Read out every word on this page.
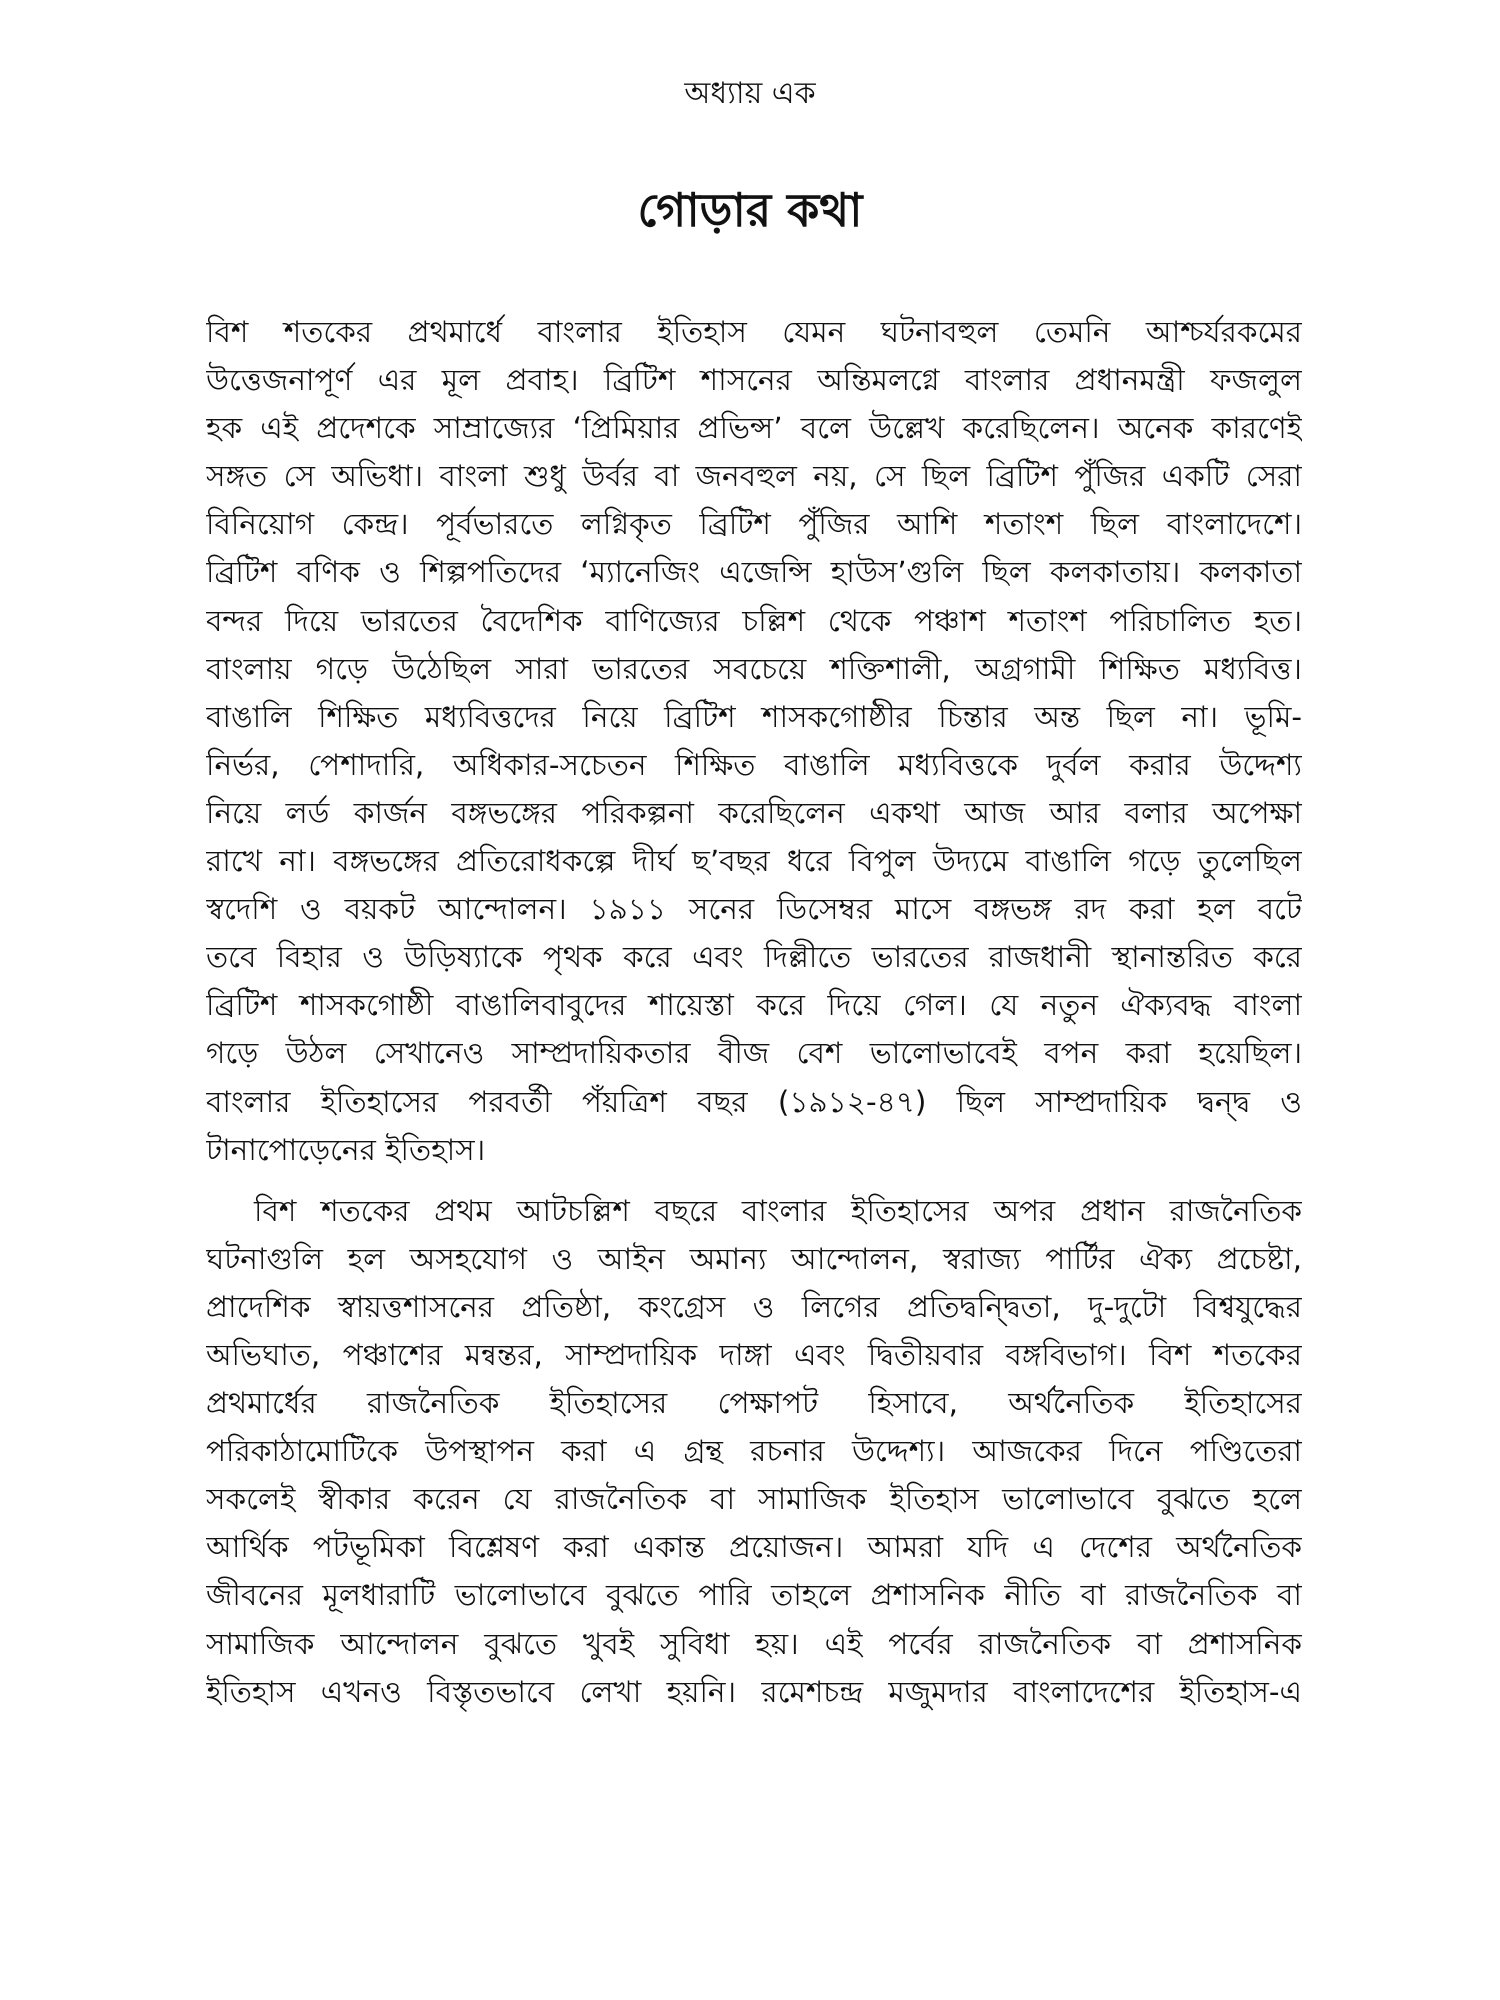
অধ্যায় এক
গোড়ার কথা
বিশ শতকের প্রথমার্ধে বাংলার ইতিহাস যেমন ঘটনাবহুল তেমনি আশ্চর্যরকমের
উত্তেজনাপূর্ণ এর মূল প্রবাহ। ব্রিটিশ শাসনের অন্তিমলগ্নে বাংলার প্রধানমন্ত্রী ফজলুল
হক এই প্রদেশকে সাম্রাজ্যের ‘প্রিমিয়ার প্রভিন্স’ বলে উল্লেখ করেছিলেন। অনেক কারণেই
সঙ্গত সে অভিধা। বাংলা শুধু উর্বর বা জনবহুল নয়, সে ছিল ব্রিটিশ পুঁজির একটি সেরা
বিনিয়োগ কেন্দ্র। পূর্বভারতে লগ্নিকৃত ব্রিটিশ পুঁজির আশি শতাংশ ছিল বাংলাদেশে।
ব্রিটিশ বণিক ও শিল্পপতিদের ‘ম্যানেজিং এজেন্সি হাউস’গুলি ছিল কলকাতায়। কলকাতা
বন্দর দিয়ে ভারতের বৈদেশিক বাণিজ্যের চল্লিশ থেকে পঞ্চাশ শতাংশ পরিচালিত হত।
বাংলায় গড়ে উঠেছিল সারা ভারতের সবচেয়ে শক্তিশালী, অগ্রগামী শিক্ষিত মধ্যবিত্ত।
বাঙালি শিক্ষিত মধ্যবিত্তদের নিয়ে ব্রিটিশ শাসকগোষ্ঠীর চিন্তার অন্ত ছিল না। ভূমি-
নির্ভর, পেশাদারি, অধিকার-সচেতন শিক্ষিত বাঙালি মধ্যবিত্তকে দুর্বল করার উদ্দেশ্য
নিয়ে লর্ড কার্জন বঙ্গভঙ্গের পরিকল্পনা করেছিলেন একথা আজ আর বলার অপেক্ষা
রাখে না। বঙ্গভঙ্গের প্রতিরোধকল্পে দীর্ঘ ছ’বছর ধরে বিপুল উদ্যমে বাঙালি গড়ে তুলেছিল
স্বদেশি ও বয়কট আন্দোলন। ১৯১১ সনের ডিসেম্বর মাসে বঙ্গভঙ্গ রদ করা হল বটে
তবে বিহার ও উড়িষ্যাকে পৃথক করে এবং দিল্লীতে ভারতের রাজধানী স্থানান্তরিত করে
ব্রিটিশ শাসকগোষ্ঠী বাঙালিবাবুদের শায়েস্তা করে দিয়ে গেল। যে নতুন ঐক্যবদ্ধ বাংলা
গড়ে উঠল সেখানেও সাম্প্রদায়িকতার বীজ বেশ ভালোভাবেই বপন করা হয়েছিল।
বাংলার ইতিহাসের পরবর্তী পঁয়ত্রিশ বছর (১৯১২-৪৭) ছিল সাম্প্রদায়িক দ্বন্দ্ব ও
টানাপোড়েনের ইতিহাস।
বিশ শতকের প্রথম আটচল্লিশ বছরে বাংলার ইতিহাসের অপর প্রধান রাজনৈতিক
ঘটনাগুলি হল অসহযোগ ও আইন অমান্য আন্দোলন, স্বরাজ্য পার্টির ঐক্য প্রচেষ্টা,
প্রাদেশিক স্বায়ত্তশাসনের প্রতিষ্ঠা, কংগ্রেস ও লিগের প্রতিদ্বন্দ্বিতা, দু-দুটো বিশ্বযুদ্ধের
অভিঘাত, পঞ্চাশের মন্বন্তর, সাম্প্রদায়িক দাঙ্গা এবং দ্বিতীয়বার বঙ্গবিভাগ। বিশ শতকের
প্রথমার্ধের রাজনৈতিক ইতিহাসের পেক্ষাপট হিসাবে, অর্থনৈতিক ইতিহাসের
পরিকাঠামোটিকে উপস্থাপন করা এ গ্রন্থ রচনার উদ্দেশ্য। আজকের দিনে পণ্ডিতেরা
সকলেই স্বীকার করেন যে রাজনৈতিক বা সামাজিক ইতিহাস ভালোভাবে বুঝতে হলে
আর্থিক পটভূমিকা বিশ্লেষণ করা একান্ত প্রয়োজন। আমরা যদি এ দেশের অর্থনৈতিক
জীবনের মূলধারাটি ভালোভাবে বুঝতে পারি তাহলে প্রশাসনিক নীতি বা রাজনৈতিক বা
সামাজিক আন্দোলন বুঝতে খুবই সুবিধা হয়। এই পর্বের রাজনৈতিক বা প্রশাসনিক
ইতিহাস এখনও বিস্তৃতভাবে লেখা হয়নি। রমেশচন্দ্র মজুমদার বাংলাদেশের ইতিহাস-এ
